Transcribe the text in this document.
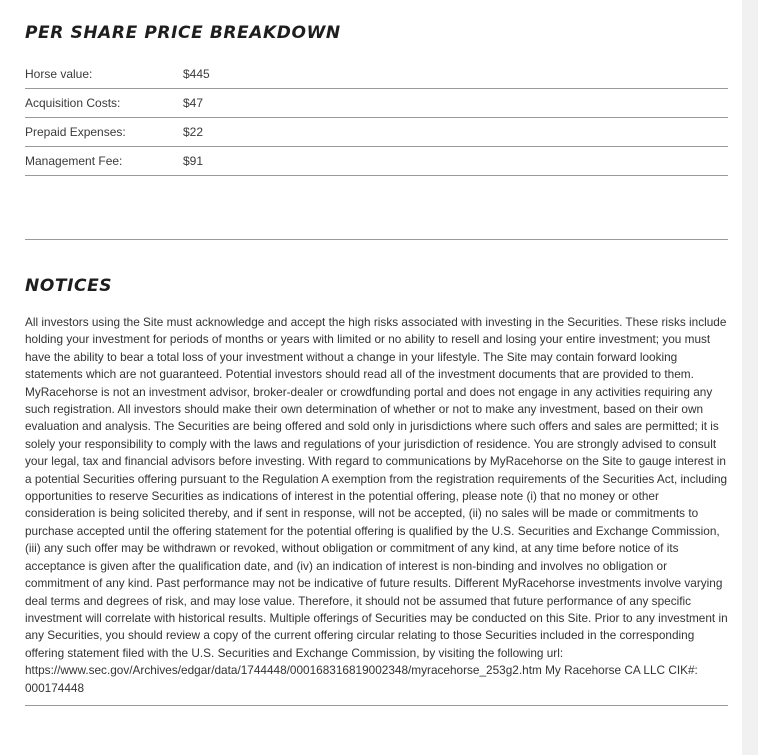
PER SHARE PRICE BREAKDOWN
Horse value:	$445
Acquisition Costs:	$47
Prepaid Expenses:	$22
Management Fee:	$91
NOTICES

All investors using the Site must acknowledge and accept the high risks associated with investing in the Securities. These risks include holding your investment for periods of months or years with limited or no ability to resell and losing your entire investment; you must have the ability to bear a total loss of your investment without a change in your lifestyle. The Site may contain forward looking statements which are not guaranteed. Potential investors should read all of the investment documents that are provided to them. MyRacehorse is not an investment advisor, broker-dealer or crowdfunding portal and does not engage in any activities requiring any such registration. All investors should make their own determination of whether or not to make any investment, based on their own evaluation and analysis. The Securities are being offered and sold only in jurisdictions where such offers and sales are permitted; it is solely your responsibility to comply with the laws and regulations of your jurisdiction of residence. You are strongly advised to consult your legal, tax and financial advisors before investing. With regard to communications by MyRacehorse on the Site to gauge interest in a potential Securities offering pursuant to the Regulation A exemption from the registration requirements of the Securities Act, including opportunities to reserve Securities as indications of interest in the potential offering, please note (i) that no money or other consideration is being solicited thereby, and if sent in response, will not be accepted, (ii) no sales will be made or commitments to purchase accepted until the offering statement for the potential offering is qualified by the U.S. Securities and Exchange Commission, (iii) any such offer may be withdrawn or revoked, without obligation or commitment of any kind, at any time before notice of its acceptance is given after the qualification date, and (iv) an indication of interest is non-binding and involves no obligation or commitment of any kind. Past performance may not be indicative of future results. Different MyRacehorse investments involve varying deal terms and degrees of risk, and may lose value. Therefore, it should not be assumed that future performance of any specific investment will correlate with historical results. Multiple offerings of Securities may be conducted on this Site. Prior to any investment in any Securities, you should review a copy of the current offering circular relating to those Securities included in the corresponding offering statement filed with the U.S. Securities and Exchange Commission, by visiting the following url: https://www.sec.gov/Archives/edgar/data/1744448/000168316819002348/myracehorse_253g2.htm My Racehorse CA LLC CIK#: 000174448
